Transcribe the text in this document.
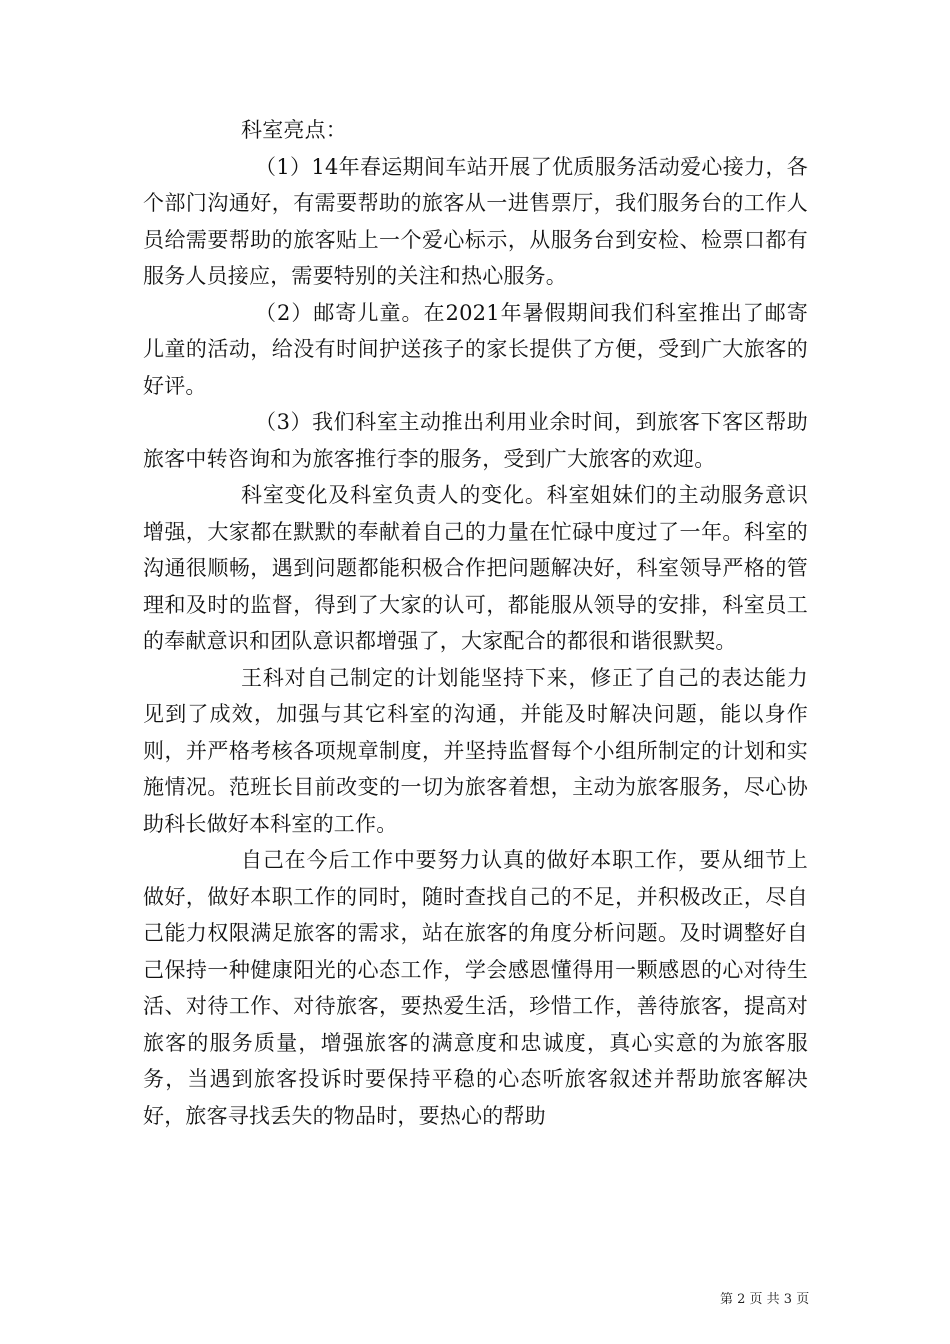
科室亮点：

（1）14年春运期间车站开展了优质服务活动爱心接力，各个部门沟通好，有需要帮助的旅客从一进售票厅，我们服务台的工作人员给需要帮助的旅客贴上一个爱心标示，从服务台到安检、检票口都有服务人员接应，需要特别的关注和热心服务。

（2）邮寄儿童。在2021年暑假期间我们科室推出了邮寄儿童的活动，给没有时间护送孩子的家长提供了方便，受到广大旅客的好评。

（3）我们科室主动推出利用业余时间，到旅客下客区帮助旅客中转咨询和为旅客推行李的服务，受到广大旅客的欢迎。

科室变化及科室负责人的变化。科室姐妹们的主动服务意识增强，大家都在默默的奉献着自己的力量在忙碌中度过了一年。科室的沟通很顺畅，遇到问题都能积极合作把问题解决好，科室领导严格的管理和及时的监督，得到了大家的认可，都能服从领导的安排，科室员工的奉献意识和团队意识都增强了，大家配合的都很和谐很默契。

王科对自己制定的计划能坚持下来，修正了自己的表达能力见到了成效，加强与其它科室的沟通，并能及时解决问题，能以身作则，并严格考核各项规章制度，并坚持监督每个小组所制定的计划和实施情况。范班长目前改变的一切为旅客着想，主动为旅客服务，尽心协助科长做好本科室的工作。

自己在今后工作中要努力认真的做好本职工作，要从细节上做好，做好本职工作的同时，随时查找自己的不足，并积极改正，尽自己能力权限满足旅客的需求，站在旅客的角度分析问题。及时调整好自己保持一种健康阳光的心态工作，学会感恩懂得用一颗感恩的心对待生活、对待工作、对待旅客，要热爱生活，珍惜工作，善待旅客，提高对旅客的服务质量，增强旅客的满意度和忠诚度，真心实意的为旅客服务，当遇到旅客投诉时要保持平稳的心态听旅客叙述并帮助旅客解决好，旅客寻找丢失的物品时，要热心的帮助

第 2 页 共 3 页
